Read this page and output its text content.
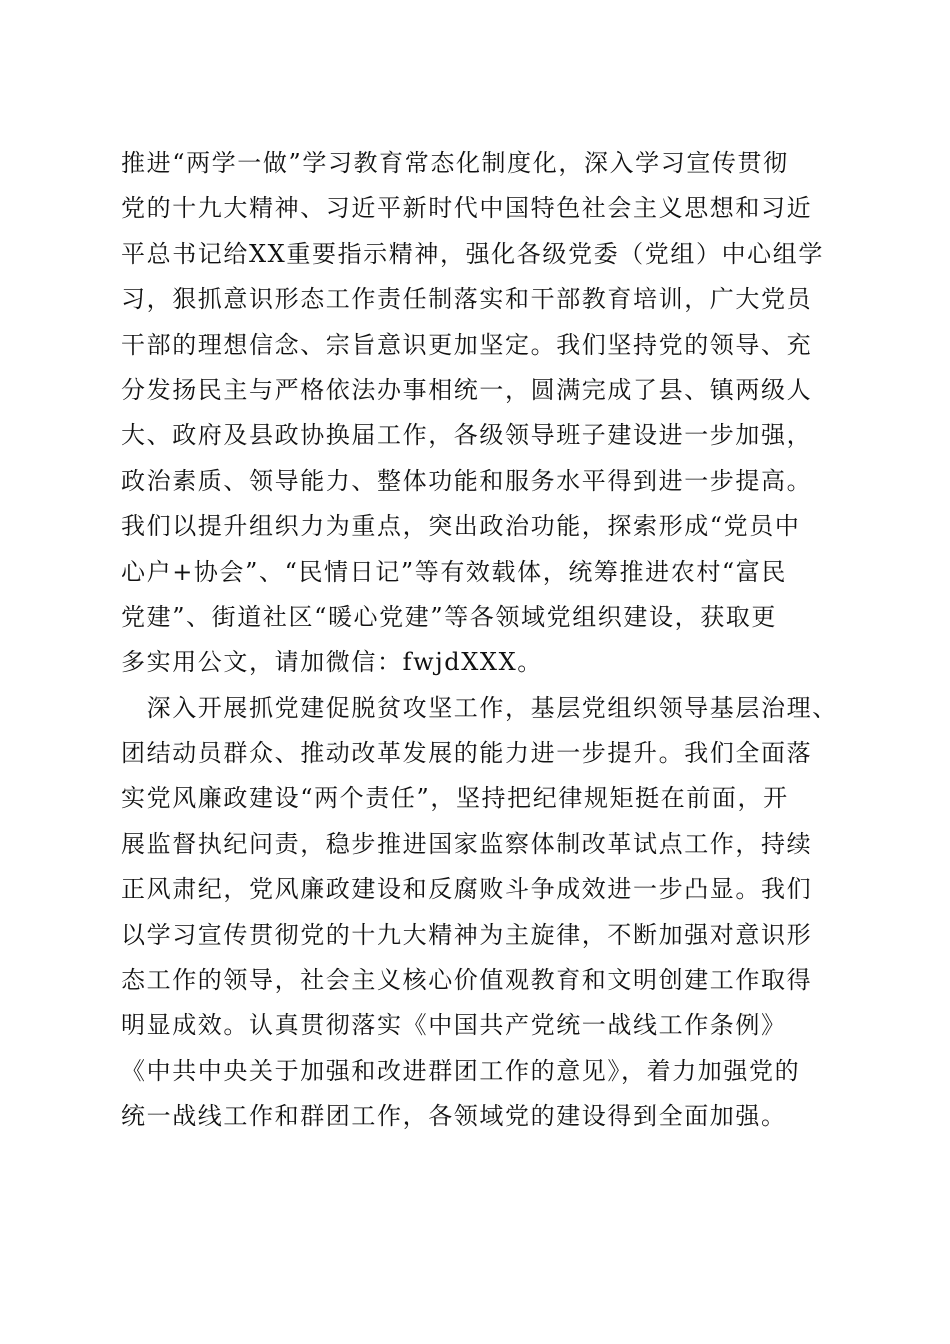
推进“两学一做”学习教育常态化制度化，深入学习宣传贯彻
党的十九大精神、习近平新时代中国特色社会主义思想和习近
平总书记给XX重要指示精神，强化各级党委（党组）中心组学
习，狠抓意识形态工作责任制落实和干部教育培训，广大党员
干部的理想信念、宗旨意识更加坚定。我们坚持党的领导、充
分发扬民主与严格依法办事相统一，圆满完成了县、镇两级人
大、政府及县政协换届工作，各级领导班子建设进一步加强，
政治素质、领导能力、整体功能和服务水平得到进一步提高。
我们以提升组织力为重点，突出政治功能，探索形成“党员中
心户+协会”、“民情日记”等有效载体，统筹推进农村“富民
党建”、街道社区“暖心党建”等各领域党组织建设，获取更
多实用公文，请加微信：fwjdXXX。
　深入开展抓党建促脱贫攻坚工作，基层党组织领导基层治理、
团结动员群众、推动改革发展的能力进一步提升。我们全面落
实党风廉政建设“两个责任”，坚持把纪律规矩挺在前面，开
展监督执纪问责，稳步推进国家监察体制改革试点工作，持续
正风肃纪，党风廉政建设和反腐败斗争成效进一步凸显。我们
以学习宣传贯彻党的十九大精神为主旋律，不断加强对意识形
态工作的领导，社会主义核心价值观教育和文明创建工作取得
明显成效。认真贯彻落实《中国共产党统一战线工作条例》
《中共中央关于加强和改进群团工作的意见》，着力加强党的
统一战线工作和群团工作，各领域党的建设得到全面加强。
